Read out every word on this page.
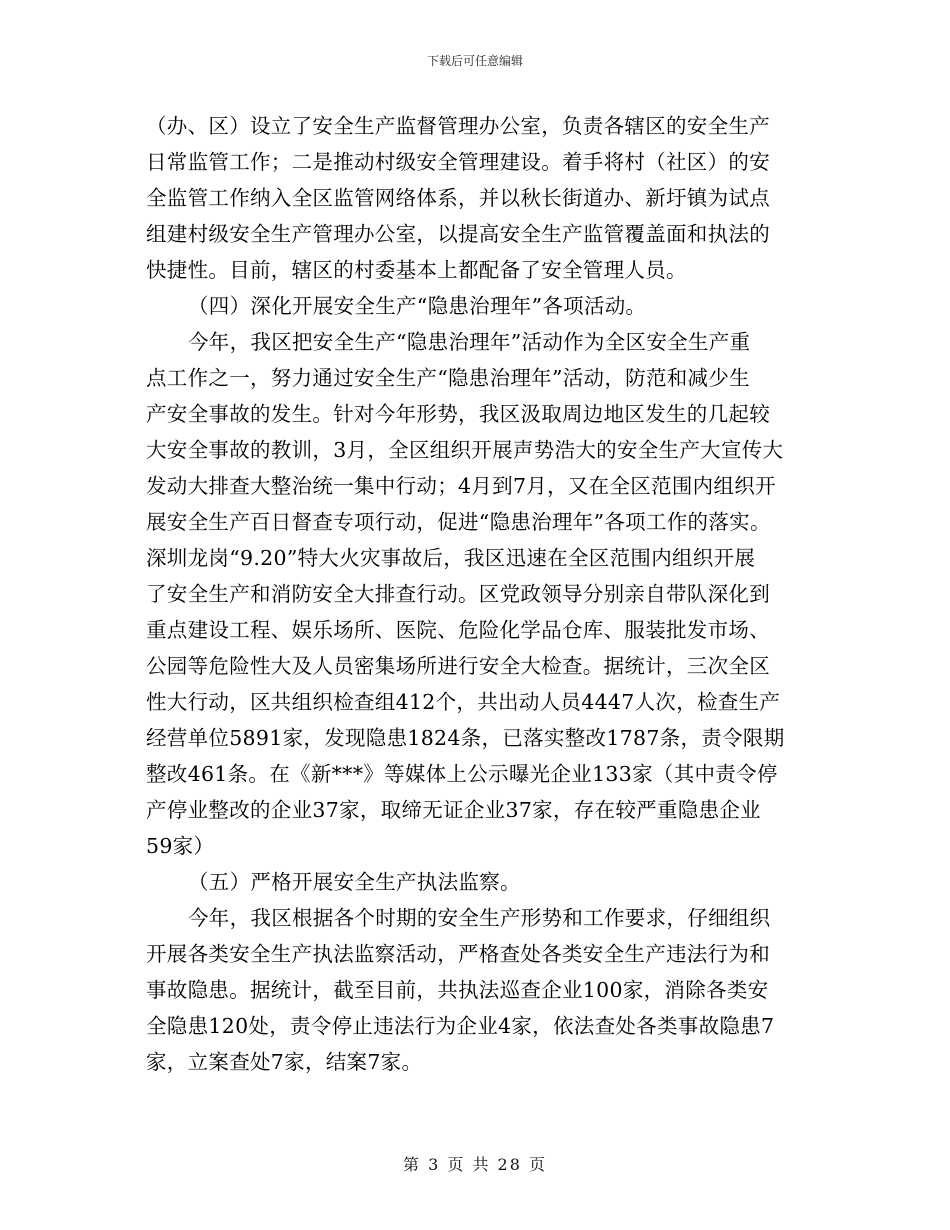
下载后可任意编辑
（办、区）设立了安全生产监督管理办公室，负责各辖区的安全生产
日常监管工作；二是推动村级安全管理建设。着手将村（社区）的安
全监管工作纳入全区监管网络体系，并以秋长街道办、新圩镇为试点
组建村级安全生产管理办公室，以提高安全生产监管覆盖面和执法的
快捷性。目前，辖区的村委基本上都配备了安全管理人员。
（四）深化开展安全生产“隐患治理年”各项活动。
今年，我区把安全生产“隐患治理年”活动作为全区安全生产重
点工作之一，努力通过安全生产“隐患治理年”活动，防范和减少生
产安全事故的发生。针对今年形势，我区汲取周边地区发生的几起较
大安全事故的教训，3月，全区组织开展声势浩大的安全生产大宣传大
发动大排查大整治统一集中行动；4月到7月，又在全区范围内组织开
展安全生产百日督查专项行动，促进“隐患治理年”各项工作的落实。
深圳龙岗“9.20”特大火灾事故后，我区迅速在全区范围内组织开展
了安全生产和消防安全大排查行动。区党政领导分别亲自带队深化到
重点建设工程、娱乐场所、医院、危险化学品仓库、服装批发市场、
公园等危险性大及人员密集场所进行安全大检查。据统计，三次全区
性大行动，区共组织检查组412个，共出动人员4447人次，检查生产
经营单位5891家，发现隐患1824条，已落实整改1787条，责令限期
整改461条。在《新***》等媒体上公示曝光企业133家（其中责令停
产停业整改的企业37家，取缔无证企业37家，存在较严重隐患企业
59家）
（五）严格开展安全生产执法监察。
今年，我区根据各个时期的安全生产形势和工作要求，仔细组织
开展各类安全生产执法监察活动，严格查处各类安全生产违法行为和
事故隐患。据统计，截至目前，共执法巡查企业100家，消除各类安
全隐患120处，责令停止违法行为企业4家，依法查处各类事故隐患7
家，立案查处7家，结案7家。
第 3 页 共 28 页
